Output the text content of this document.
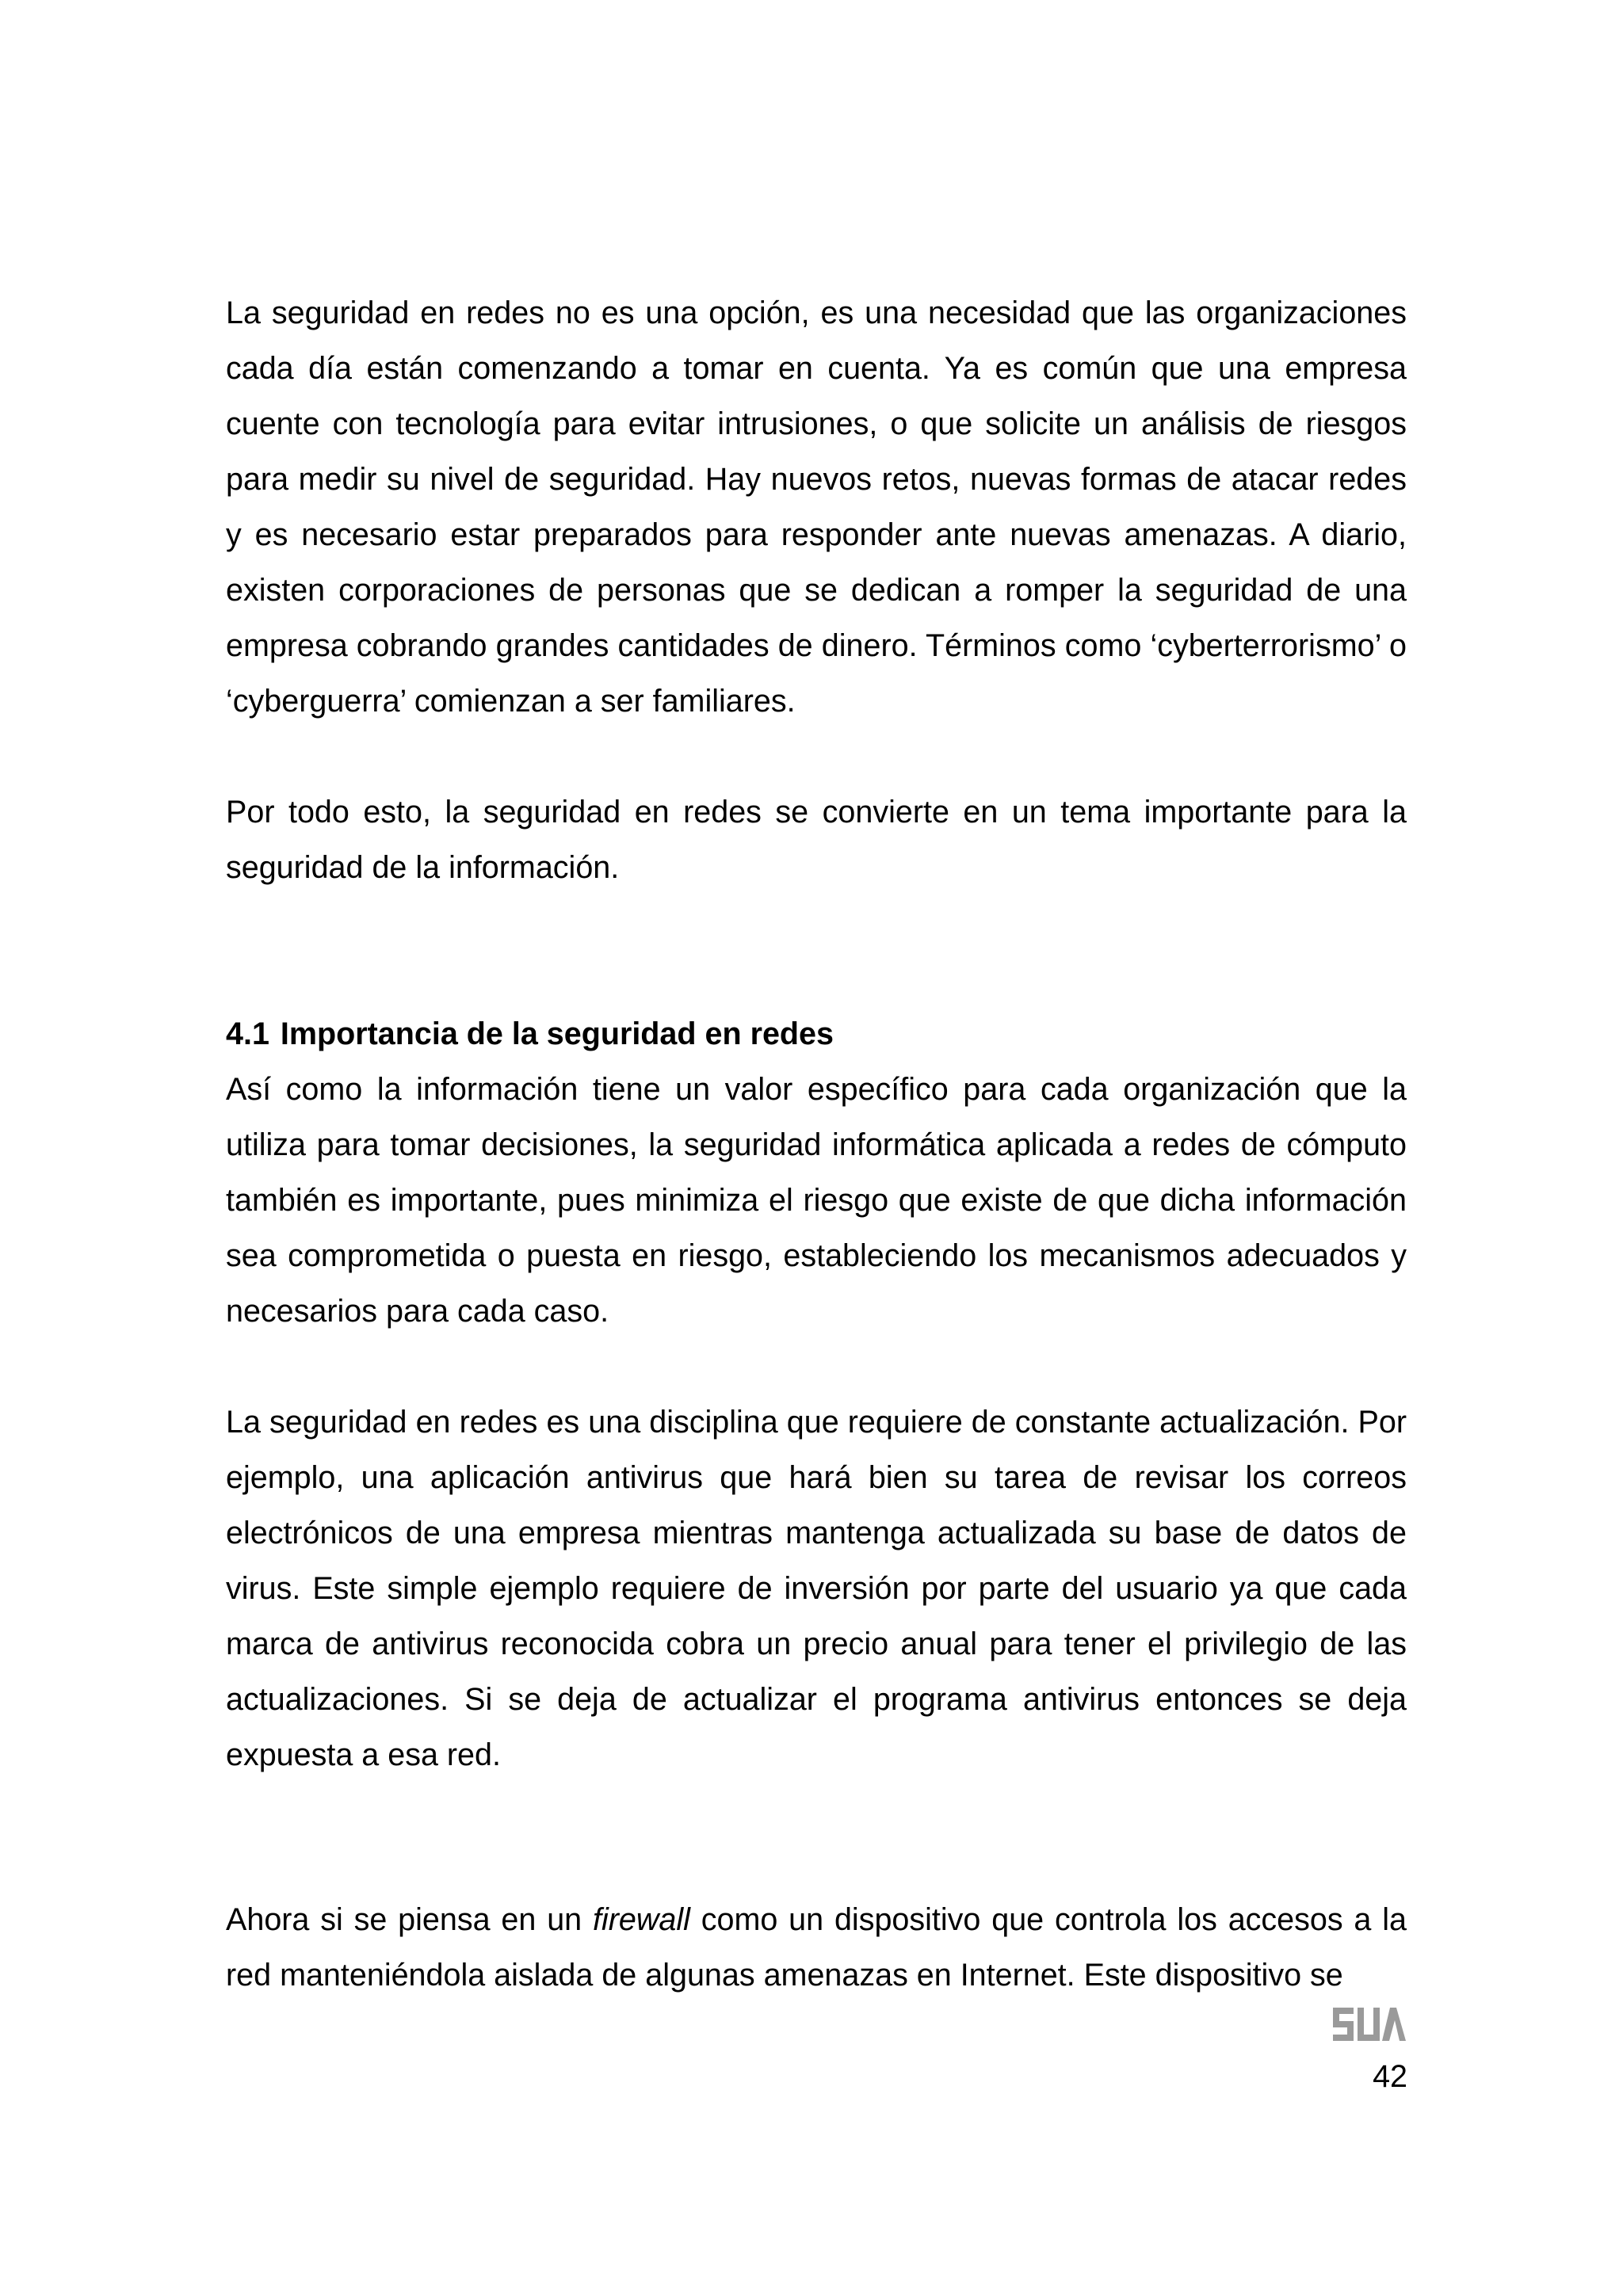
La seguridad en redes no es una opción, es una necesidad que las organizaciones cada día están comenzando a tomar en cuenta. Ya es común que una empresa cuente con tecnología para evitar intrusiones, o que solicite un análisis de riesgos para medir su nivel de seguridad. Hay nuevos retos, nuevas formas de atacar redes y es necesario estar preparados para responder ante nuevas amenazas. A diario, existen corporaciones de personas que se dedican a romper la seguridad de una empresa cobrando grandes cantidades de dinero. Términos como ‘cyberterrorismo’ o ‘cyberguerra’ comienzan a ser familiares.

Por todo esto, la seguridad en redes se convierte en un tema importante para la seguridad de la información.

4.1 Importancia de la seguridad en redes

Así como la información tiene un valor específico para cada organización que la utiliza para tomar decisiones, la seguridad informática aplicada a redes de cómputo también es importante, pues minimiza el riesgo que existe de que dicha información sea comprometida o puesta en riesgo, estableciendo los mecanismos adecuados y necesarios para cada caso.

La seguridad en redes es una disciplina que requiere de constante actualización. Por ejemplo, una aplicación antivirus que hará bien su tarea de revisar los correos electrónicos de una empresa mientras mantenga actualizada su base de datos de virus. Este simple ejemplo requiere de inversión por parte del usuario ya que cada marca de antivirus reconocida cobra un precio anual para tener el privilegio de las actualizaciones. Si se deja de actualizar el programa antivirus entonces se deja expuesta a esa red.

Ahora si se piensa en un firewall como un dispositivo que controla los accesos a la red manteniéndola aislada de algunas amenazas en Internet. Este dispositivo se

42
